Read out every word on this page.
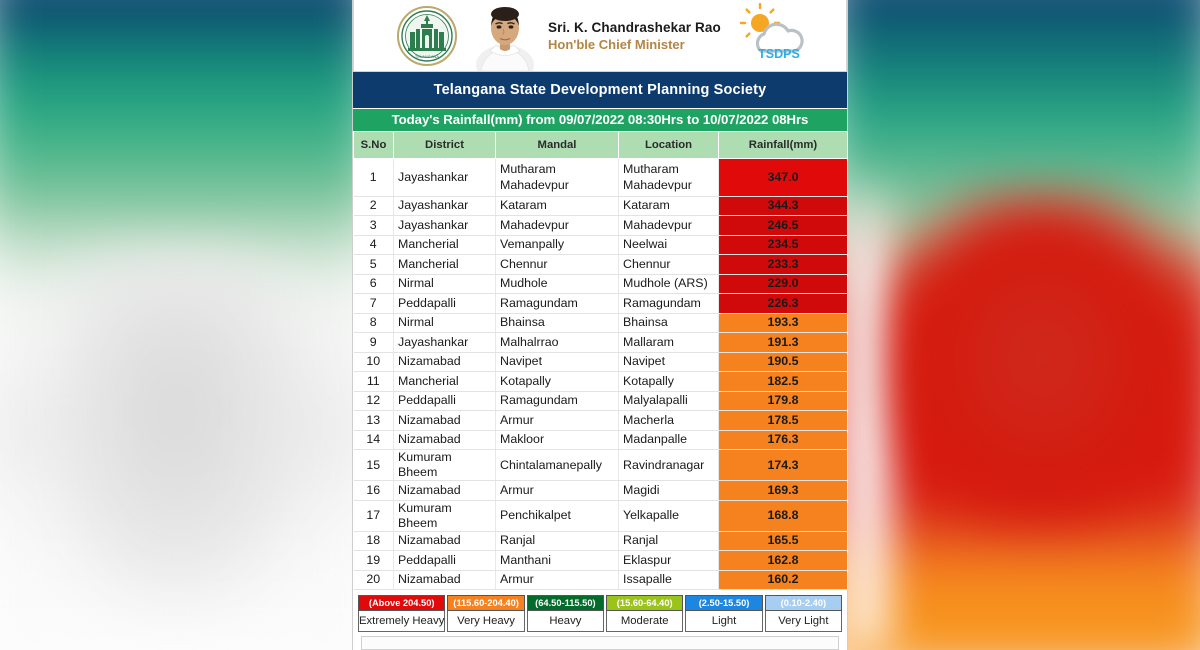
TELANGANA
Sri. K. Chandrashekar Rao
Hon'ble Chief Minister
TSDPS
Telangana State Development Planning Society
Today's Rainfall(mm) from 09/07/2022 08:30Hrs to 10/07/2022 08Hrs
S.No	District	Mandal	Location	Rainfall(mm)
1	Jayashankar	Mutharam Mahadevpur	Mutharam Mahadevpur	347.0
2	Jayashankar	Kataram	Kataram	344.3
3	Jayashankar	Mahadevpur	Mahadevpur	246.5
4	Mancherial	Vemanpally	Neelwai	234.5
5	Mancherial	Chennur	Chennur	233.3
6	Nirmal	Mudhole	Mudhole (ARS)	229.0
7	Peddapalli	Ramagundam	Ramagundam	226.3
8	Nirmal	Bhainsa	Bhainsa	193.3
9	Jayashankar	Malhalrrao	Mallaram	191.3
10	Nizamabad	Navipet	Navipet	190.5
11	Mancherial	Kotapally	Kotapally	182.5
12	Peddapalli	Ramagundam	Malyalapalli	179.8
13	Nizamabad	Armur	Macherla	178.5
14	Nizamabad	Makloor	Madanpalle	176.3
15	Kumuram Bheem	Chintalamanepally	Ravindranagar	174.3
16	Nizamabad	Armur	Magidi	169.3
17	Kumuram Bheem	Penchikalpet	Yelkapalle	168.8
18	Nizamabad	Ranjal	Ranjal	165.5
19	Peddapalli	Manthani	Eklaspur	162.8
20	Nizamabad	Armur	Issapalle	160.2
(Above 204.50)
Extremely Heavy
(115.60-204.40)
Very Heavy
(64.50-115.50)
Heavy
(15.60-64.40)
Moderate
(2.50-15.50)
Light
(0.10-2.40)
Very Light
